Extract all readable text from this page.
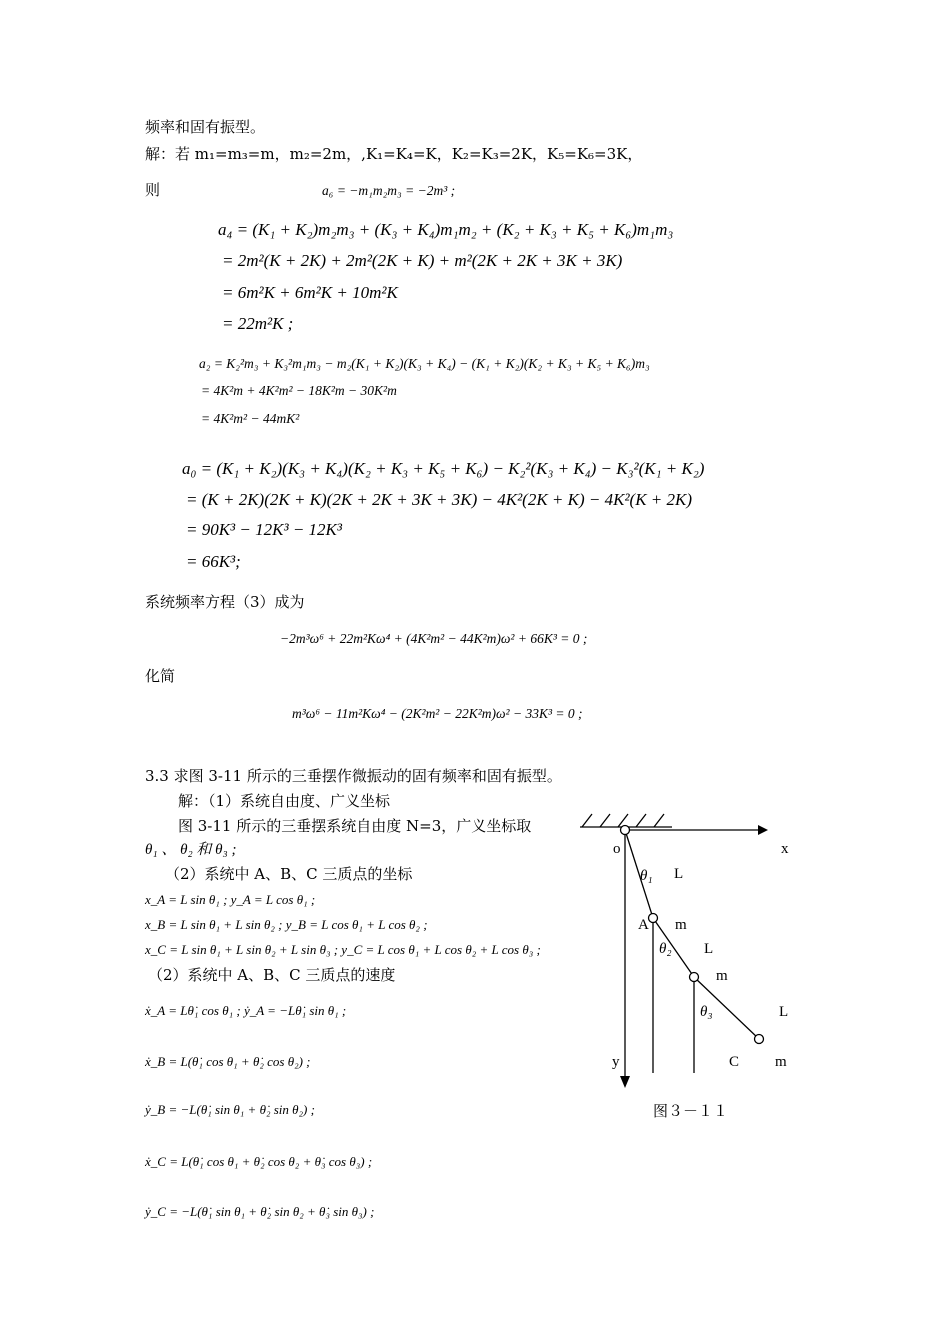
频率和固有振型。
解：若 m₁=m₃=m，m₂=2m，,K₁=K₄=K，K₂=K₃=2K，K₅=K₆=3K，
则	a₆ = −m₁m₂m₃ = −2m³ ;
a₄ = (K₁ + K₂)m₂m₃ + (K₃ + K₄)m₁m₂ + (K₂ + K₃ + K₅ + K₆)m₁m₃
= 2m²(K + 2K) + 2m²(2K + K) + m²(2K + 2K + 3K + 3K)
= 6m²K + 6m²K + 10m²K
= 22m²K ;
a₂ = K₂²m₃ + K₃²m₁m₃ − m₂(K₁ + K₂)(K₃ + K₄) − (K₁ + K₂)(K₂ + K₃ + K₅ + K₆)m₃
= 4K²m + 4K²m² − 18K²m − 30K²m
= 4K²m² − 44mK²
a₀ = (K₁ + K₂)(K₃ + K₄)(K₂ + K₃ + K₅ + K₆) − K₂²(K₃ + K₄) − K₃²(K₁ + K₂)
= (K + 2K)(2K + K)(2K + 2K + 3K + 3K) − 4K²(2K + K) − 4K²(K + 2K)
= 90K³ − 12K³ − 12K³
= 66K³;
系统频率方程（3）成为
−2m³ω⁶ + 22m²Kω⁴ + (4K²m² − 44K²m)ω² + 66K³ = 0 ;
化简
m³ω⁶ − 11m²Kω⁴ − (2K²m² − 22K²m)ω² − 33K³ = 0 ;
3.3 求图 3-11 所示的三垂摆作微振动的固有频率和固有振型。
解：（1）系统自由度、广义坐标
图 3-11 所示的三垂摆系统自由度 N=3，广义坐标取
θ₁ 、 θ₂ 和 θ₃ ;
（2）系统中 A、B、C 三质点的坐标
x_A = L sin θ₁ ; y_A = L cos θ₁ ;
x_B = L sin θ₁ + L sin θ₂ ; y_B = L cos θ₁ + L cos θ₂ ;
x_C = L sin θ₁ + L sin θ₂ + L sin θ₃ ; y_C = L cos θ₁ + L cos θ₂ + L cos θ₃ ;
（2）系统中 A、B、C 三质点的速度
ẋ_A = Lθ̇₁ cos θ₁ ; ẏ_A = −Lθ̇₁ sin θ₁ ;
ẋ_B = L(θ̇₁ cos θ₁ + θ̇₂ cos θ₂) ;
ẏ_B = −L(θ̇₁ sin θ₁ + θ̇₂ sin θ₂) ;
ẋ_C = L(θ̇₁ cos θ₁ + θ̇₂ cos θ₂ + θ̇₃ cos θ₃) ;
ẏ_C = −L(θ̇₁ sin θ₁ + θ̇₂ sin θ₂ + θ̇₃ sin θ₃) ;
o	x
y
θ₁ L
A m
θ₂ L
m
θ₃	L
C m
图３－１１
